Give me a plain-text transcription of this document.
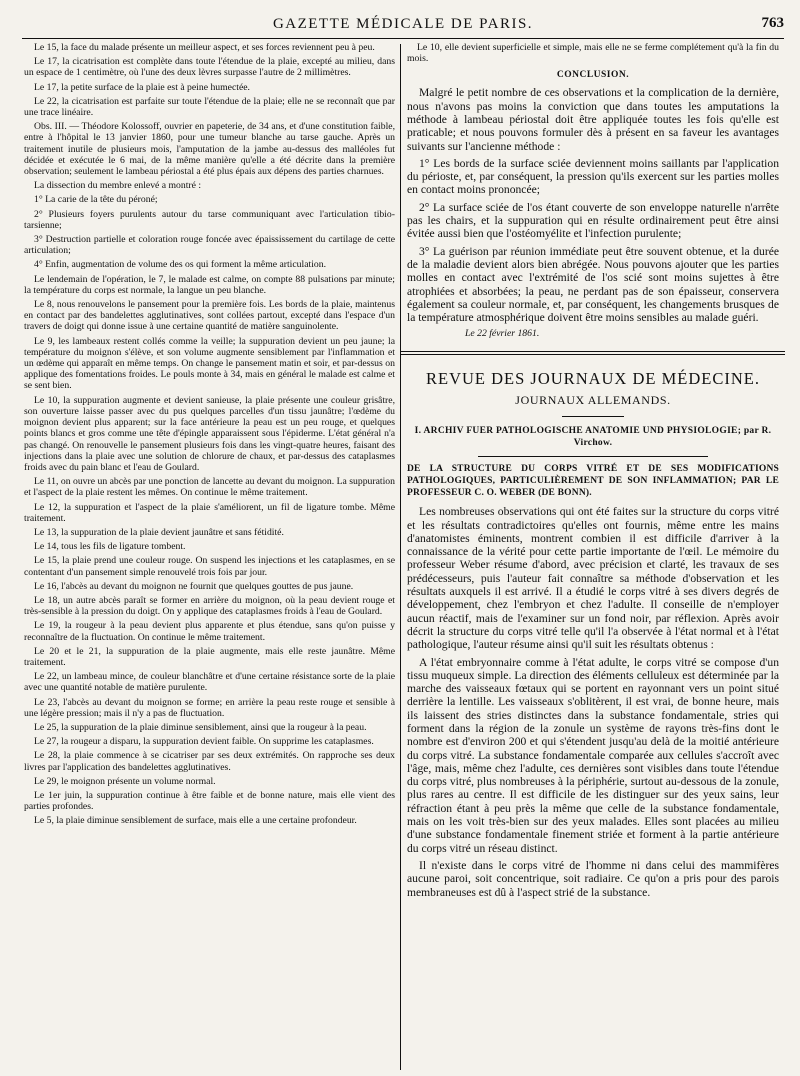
GAZETTE MÉDICALE DE PARIS.	763

Le 15, la face du malade présente un meilleur aspect, et ses forces reviennent peu à peu.

Le 17, la cicatrisation est complète dans toute l'étendue de la plaie, excepté au milieu, dans un espace de 1 centimètre, où l'une des deux lèvres surpasse l'autre de 2 millimètres.

Le 17, la petite surface de la plaie est à peine humectée.

Le 22, la cicatrisation est parfaite sur toute l'étendue de la plaie; elle ne se reconnaît que par une trace linéaire.

Obs. III. — Théodore Kolossoff, ouvrier en papeterie, de 34 ans, et d'une constitution faible, entre à l'hôpital le 13 janvier 1860, pour une tumeur blanche au tarse gauche. Après un traitement inutile de plusieurs mois, l'amputation de la jambe au-dessus des malléoles fut décidée et exécutée le 6 mai, de la même manière qu'elle a été décrite dans la première observation; seulement le lambeau périostal a été plus épais aux dépens des parties charnues.

La dissection du membre enlevé a montré :

1° La carie de la tête du péroné;

2° Plusieurs foyers purulents autour du tarse communiquant avec l'articulation tibio-tarsienne;

3° Destruction partielle et coloration rouge foncée avec épaississement du cartilage de cette articulation;

4° Enfin, augmentation de volume des os qui forment la même articulation.

Le lendemain de l'opération, le 7, le malade est calme, on compte 88 pulsations par minute; la température du corps est normale, la langue un peu blanche.

Le 8, nous renouvelons le pansement pour la première fois. Les bords de la plaie, maintenus en contact par des bandelettes agglutinatives, sont collées partout, excepté dans l'espace d'un travers de doigt qui donne issue à une certaine quantité de matière sanguinolente.

Le 9, les lambeaux restent collés comme la veille; la suppuration devient un peu jaune; la température du moignon s'élève, et son volume augmente sensiblement par l'inflammation et un œdème qui apparaît en même temps. On change le pansement matin et soir, et par-dessus on applique des fomentations froides. Le pouls monte à 34, mais en général le malade est calme et se sent bien.

Le 10, la suppuration augmente et devient sanieuse, la plaie présente une couleur grisâtre, son ouverture laisse passer avec du pus quelques parcelles d'un tissu jaunâtre; l'œdème du moignon devient plus apparent; sur la face antérieure la peau est un peu rouge, et quelques points blancs et gros comme une tête d'épingle apparaissent sous l'épiderme. L'état général n'a pas changé. On renouvelle le pansement plusieurs fois dans les vingt-quatre heures, faisant des injections dans la plaie avec une solution de chlorure de chaux, et par-dessus des cataplasmes froids avec du pain blanc et l'eau de Goulard.

Le 11, on ouvre un abcès par une ponction de lancette au devant du moignon. La suppuration et l'aspect de la plaie restent les mêmes. On continue le même traitement.

Le 12, la suppuration et l'aspect de la plaie s'améliorent, un fil de ligature tombe. Même traitement.

Le 13, la suppuration de la plaie devient jaunâtre et sans fétidité.

Le 14, tous les fils de ligature tombent.

Le 15, la plaie prend une couleur rouge. On suspend les injections et les cataplasmes, en se contentant d'un pansement simple renouvelé trois fois par jour.

Le 16, l'abcès au devant du moignon ne fournit que quelques gouttes de pus jaune.

Le 18, un autre abcès paraît se former en arrière du moignon, où la peau devient rouge et très-sensible à la pression du doigt. On y applique des cataplasmes froids à l'eau de Goulard.

Le 19, la rougeur à la peau devient plus apparente et plus étendue, sans qu'on puisse y reconnaître de la fluctuation. On continue le même traitement.

Le 20 et le 21, la suppuration de la plaie augmente, mais elle reste jaunâtre. Même traitement.

Le 22, un lambeau mince, de couleur blanchâtre et d'une certaine résistance sorte de la plaie avec une quantité notable de matière purulente.

Le 23, l'abcès au devant du moignon se forme; en arrière la peau reste rouge et sensible à une légère pression; mais il n'y a pas de fluctuation.

Le 25, la suppuration de la plaie diminue sensiblement, ainsi que la rougeur à la peau.

Le 27, la rougeur a disparu, la suppuration devient faible. On supprime les cataplasmes.

Le 28, la plaie commence à se cicatriser par ses deux extrémités. On rapproche ses deux livres par l'application des bandelettes agglutinatives.

Le 29, le moignon présente un volume normal.

Le 1er juin, la suppuration continue à être faible et de bonne nature, mais elle vient des parties profondes.

Le 5, la plaie diminue sensiblement de surface, mais elle a une certaine profondeur.

Le 10, elle devient superficielle et simple, mais elle ne se ferme complétement qu'à la fin du mois.

CONCLUSION.

Malgré le petit nombre de ces observations et la complication de la dernière, nous n'avons pas moins la conviction que dans toutes les amputations la méthode à lambeau périostal doit être appliquée toutes les fois qu'elle est praticable; et nous pouvons formuler dès à présent en sa faveur les avantages suivants sur l'ancienne méthode :

1° Les bords de la surface sciée deviennent moins saillants par l'application du périoste, et, par conséquent, la pression qu'ils exercent sur les parties molles en contact moins prononcée;

2° La surface sciée de l'os étant couverte de son enveloppe naturelle n'arrête pas les chairs, et la suppuration qui en résulte ordinairement peut être ainsi évitée aussi bien que l'ostéomyélite et l'infection purulente;

3° La guérison par réunion immédiate peut être souvent obtenue, et la durée de la maladie devient alors bien abrégée. Nous pouvons ajouter que les parties molles en contact avec l'extrémité de l'os scié sont moins sujettes à être atrophiées et absorbées; la peau, ne perdant pas de son épaisseur, conservera également sa couleur normale, et, par conséquent, les changements brusques de la température atmosphérique doivent être moins sensibles au malade guéri.

Le 22 février 1861.
REVUE DES JOURNAUX DE MÉDECINE.
JOURNAUX ALLEMANDS.
I. ARCHIV FUER PATHOLOGISCHE ANATOMIE UND PHYSIOLOGIE; par R. Virchow.
DE LA STRUCTURE DU CORPS VITRÉ ET DE SES MODIFICATIONS PATHOLOGIQUES, PARTICULIÈREMENT DE SON INFLAMMATION; PAR LE PROFESSEUR C. O. WEBER (DE BONN).

Les nombreuses observations qui ont été faites sur la structure du corps vitré et les résultats contradictoires qu'elles ont fournis, même entre les mains d'anatomistes éminents, montrent combien il est difficile d'arriver à la connaissance de la vérité pour cette partie importante de l'œil. Le mémoire du professeur Weber résume d'abord, avec précision et clarté, les travaux de ses prédécesseurs, puis l'auteur fait connaître sa méthode d'observation et les résultats auxquels il est arrivé. Il a étudié le corps vitré à ses divers degrés de développement, chez l'embryon et chez l'adulte. Il conseille de n'employer aucun réactif, mais de l'examiner sur un fond noir, par réflexion. Après avoir décrit la structure du corps vitré telle qu'il l'a observée à l'état normal et à l'état pathologique, l'auteur résume ainsi qu'il suit les résultats obtenus :

A l'état embryonnaire comme à l'état adulte, le corps vitré se compose d'un tissu muqueux simple. La direction des éléments celluleux est déterminée par la marche des vaisseaux fœtaux qui se portent en rayonnant vers un point situé derrière la lentille. Les vaisseaux s'oblitèrent, il est vrai, de bonne heure, mais ils laissent des stries distinctes dans la substance fondamentale, stries qui forment dans la région de la zonule un système de rayons très-fins dont le nombre est d'environ 200 et qui s'étendent jusqu'au delà de la moitié antérieure du corps vitré. La substance fondamentale comparée aux cellules s'accroît avec l'âge, mais, même chez l'adulte, ces dernières sont visibles dans toute l'étendue du corps vitré, plus nombreuses à la périphérie, surtout au-dessous de la zonule, plus rares au centre. Il est difficile de les distinguer sur des yeux sains, leur réfraction étant à peu près la même que celle de la substance fondamentale, mais on les voit très-bien sur des yeux malades. Elles sont placées au milieu d'une substance fondamentale finement striée et forment à la partie antérieure du corps vitré un réseau distinct.

Il n'existe dans le corps vitré de l'homme ni dans celui des mammifères aucune paroi, soit concentrique, soit radiaire. Ce qu'on a pris pour des parois membraneuses est dû à l'aspect strié de la substance.
